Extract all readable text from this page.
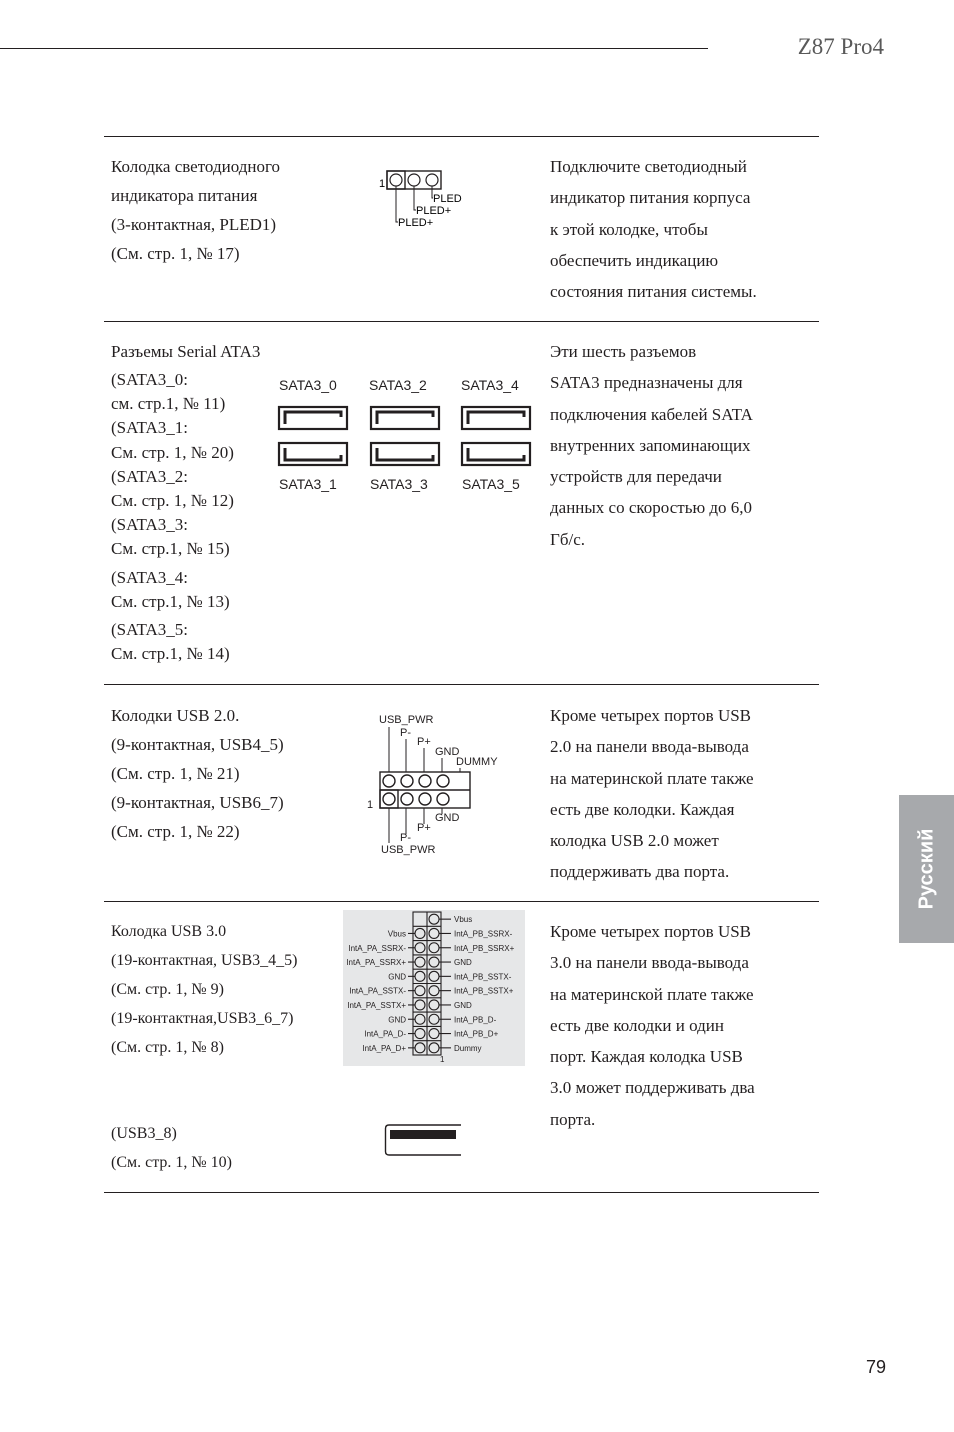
Z87 Pro4
Колодка светодиодного
индикатора питания
(3-контактная, PLED1)
(См. стр. 1, № 17)
1
PLED
PLED+
PLED+
Подключите светодиодный
индикатор питания корпуса
к этой колодке, чтобы
обеспечить индикацию
состояния питания системы.
Разъемы Serial ATA3
(SATA3_0:
см. стр.1, № 11)
(SATA3_1:
См. стр. 1, № 20)
(SATA3_2:
См. стр. 1, № 12)
(SATA3_3:
См. стр.1, № 15)
(SATA3_4:
См. стр.1, № 13)
(SATA3_5:
См. стр.1, № 14)
SATA3_0 SATA3_2 SATA3_4
SATA3_1 SATA3_3 SATA3_5
Эти шесть разъемов
SATA3 предназначены для
подключения кабелей SATA
внутренних запоминающих
устройств для передачи
данных со скоростью до 6,0
Гб/с.
Колодки USB 2.0.
(9-контактная, USB4_5)
(См. стр. 1, № 21)
(9-контактная, USB6_7)
(См. стр. 1, № 22)
USB_PWR
P-
P+
GND
DUMMY
1
GND
P+
P-
USB_PWR
Кроме четырех портов USB
2.0 на панели ввода-вывода
на материнской плате также
есть две колодки. Каждая
колодка USB 2.0 может
поддерживать два порта.
Колодка USB 3.0
(19-контактная, USB3_4_5)
(См. стр. 1, № 9)
(19-контактная,USB3_6_7)
(См. стр. 1, № 8)
(USB3_8)
(См. стр. 1, № 10)
Vbus
IntA_PB_SSRX-
IntA_PB_SSRX+
GND
IntA_PB_SSTX-
IntA_PB_SSTX+
GND
IntA_PB_D-
IntA_PB_D+
Dummy
Vbus
IntA_PA_SSRX-
IntA_PA_SSRX+
GND
IntA_PA_SSTX-
IntA_PA_SSTX+
GND
IntA_PA_D-
IntA_PA_D+
1
Кроме четырех портов USB
3.0 на панели ввода-вывода
на материнской плате также
есть две колодки и один
порт. Каждая колодка USB
3.0 может поддерживать два
порта.
Русский
79
